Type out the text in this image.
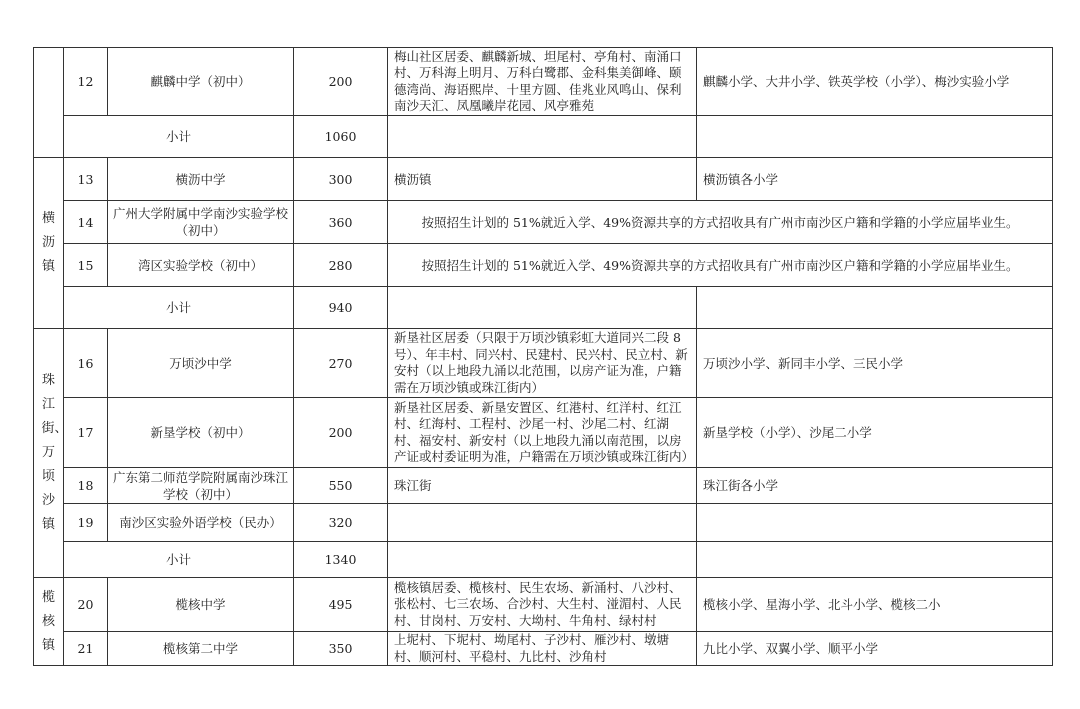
	12	麒麟中学（初中）	200	梅山社区居委、麒麟新城、坦尾村、亭角村、南涌口村、万科海上明月、万科白鹭郡、金科集美御峰、颐德湾尚、海语熙岸、十里方圆、佳兆业风鸣山、保利南沙天汇、凤凰曦岸花园、风亭雅苑	麒麟小学、大井小学、铁英学校（小学）、梅沙实验小学
	小计		1060		
横沥镇	13	横沥中学	300	横沥镇	横沥镇各小学
	14	广州大学附属中学南沙实验学校（初中）	360	按照招生计划的 51%就近入学、49%资源共享的方式招收具有广州市南沙区户籍和学籍的小学应届毕业生。	
	15	湾区实验学校（初中）	280	按照招生计划的 51%就近入学、49%资源共享的方式招收具有广州市南沙区户籍和学籍的小学应届毕业生。	
	小计		940		
珠江街、万顷沙镇	16	万顷沙中学	270	新垦社区居委（只限于万顷沙镇彩虹大道同兴二段 8 号）、年丰村、同兴村、民建村、民兴村、民立村、新安村（以上地段九涌以北范围，以房产证为准，户籍需在万顷沙镇或珠江街内）	万顷沙小学、新同丰小学、三民小学
	17	新垦学校（初中）	200	新垦社区居委、新垦安置区、红港村、红洋村、红江村、红海村、工程村、沙尾一村、沙尾二村、红湖村、福安村、新安村（以上地段九涌以南范围，以房产证或村委证明为准，户籍需在万顷沙镇或珠江街内）	新垦学校（小学）、沙尾二小学
	18	广东第二师范学院附属南沙珠江学校（初中）	550	珠江街	珠江街各小学
	19	南沙区实验外语学校（民办）	320		
	小计		1340		
榄核镇	20	榄核中学	495	榄核镇居委、榄核村、民生农场、新涌村、八沙村、张松村、七三农场、合沙村、大生村、湴湄村、人民村、甘岗村、万安村、大坳村、牛角村、绿村村	榄核小学、星海小学、北斗小学、榄核二小
	21	榄核第二中学	350	上坭村、下坭村、坳尾村、子沙村、雁沙村、墩塘村、顺河村、平稳村、九比村、沙角村	九比小学、双翼小学、顺平小学
